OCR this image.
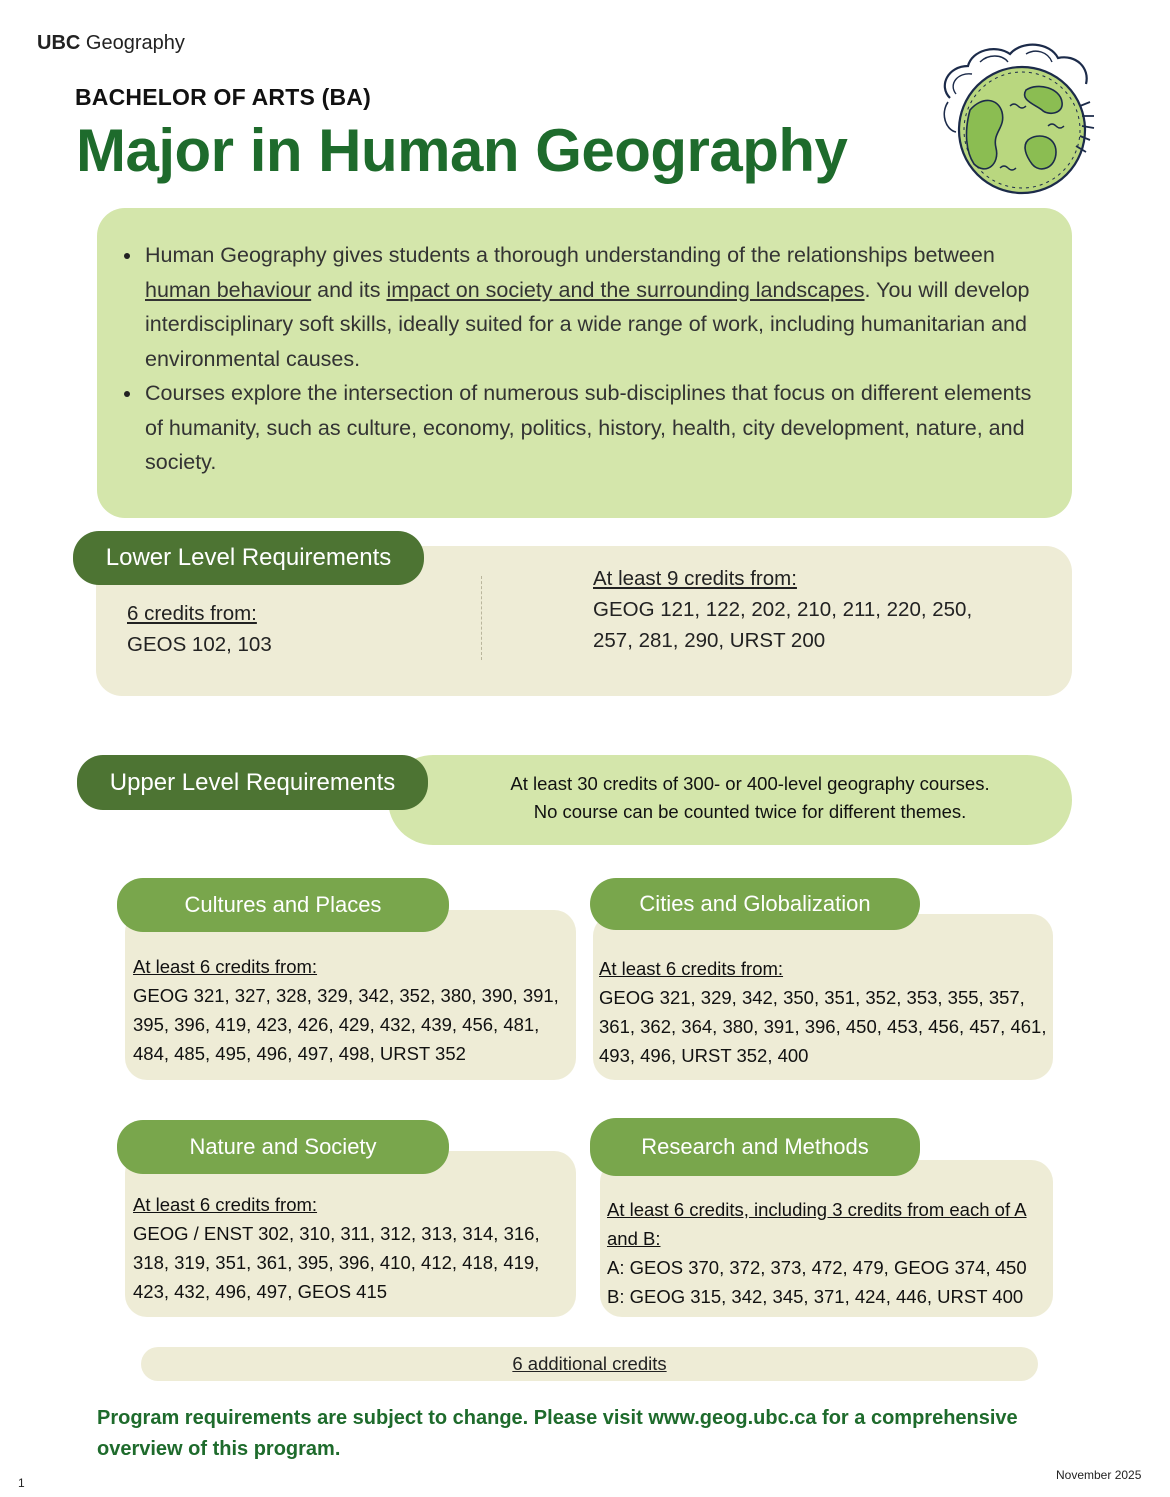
UBC Geography
BACHELOR OF ARTS (BA)
Major in Human Geography
Human Geography gives students a thorough understanding of the relationships between human behaviour and its impact on society and the surrounding landscapes. You will develop interdisciplinary soft skills, ideally suited for a wide range of work, including humanitarian and environmental causes.
Courses explore the intersection of numerous sub-disciplines that focus on different elements of humanity, such as culture, economy, politics, history, health, city development, nature, and society.
Lower Level Requirements
6 credits from:
GEOS 102, 103
At least 9 credits from:
GEOG 121, 122, 202, 210, 211, 220, 250, 257, 281, 290, URST 200
Upper Level Requirements	At least 30 credits of 300- or 400-level geography courses.
No course can be counted twice for different themes.
Cultures and Places
At least 6 credits from:
GEOG 321, 327, 328, 329, 342, 352, 380, 390, 391, 395, 396, 419, 423, 426, 429, 432, 439, 456, 481, 484, 485, 495, 496, 497, 498, URST 352
Cities and Globalization
At least 6 credits from:
GEOG 321, 329, 342, 350, 351, 352, 353, 355, 357, 361, 362, 364, 380, 391, 396, 450, 453, 456, 457, 461, 493, 496, URST 352, 400
Nature and Society
At least 6 credits from:
GEOG / ENST 302, 310, 311, 312, 313, 314, 316, 318, 319, 351, 361, 395, 396, 410, 412, 418, 419, 423, 432, 496, 497, GEOS 415
Research and Methods
At least 6 credits, including 3 credits from each of A and B:
A: GEOS 370, 372, 373, 472, 479, GEOG 374, 450
B: GEOG 315, 342, 345, 371, 424, 446, URST 400
6 additional credits
Program requirements are subject to change. Please visit www.geog.ubc.ca for a comprehensive overview of this program.
1
November 2025
